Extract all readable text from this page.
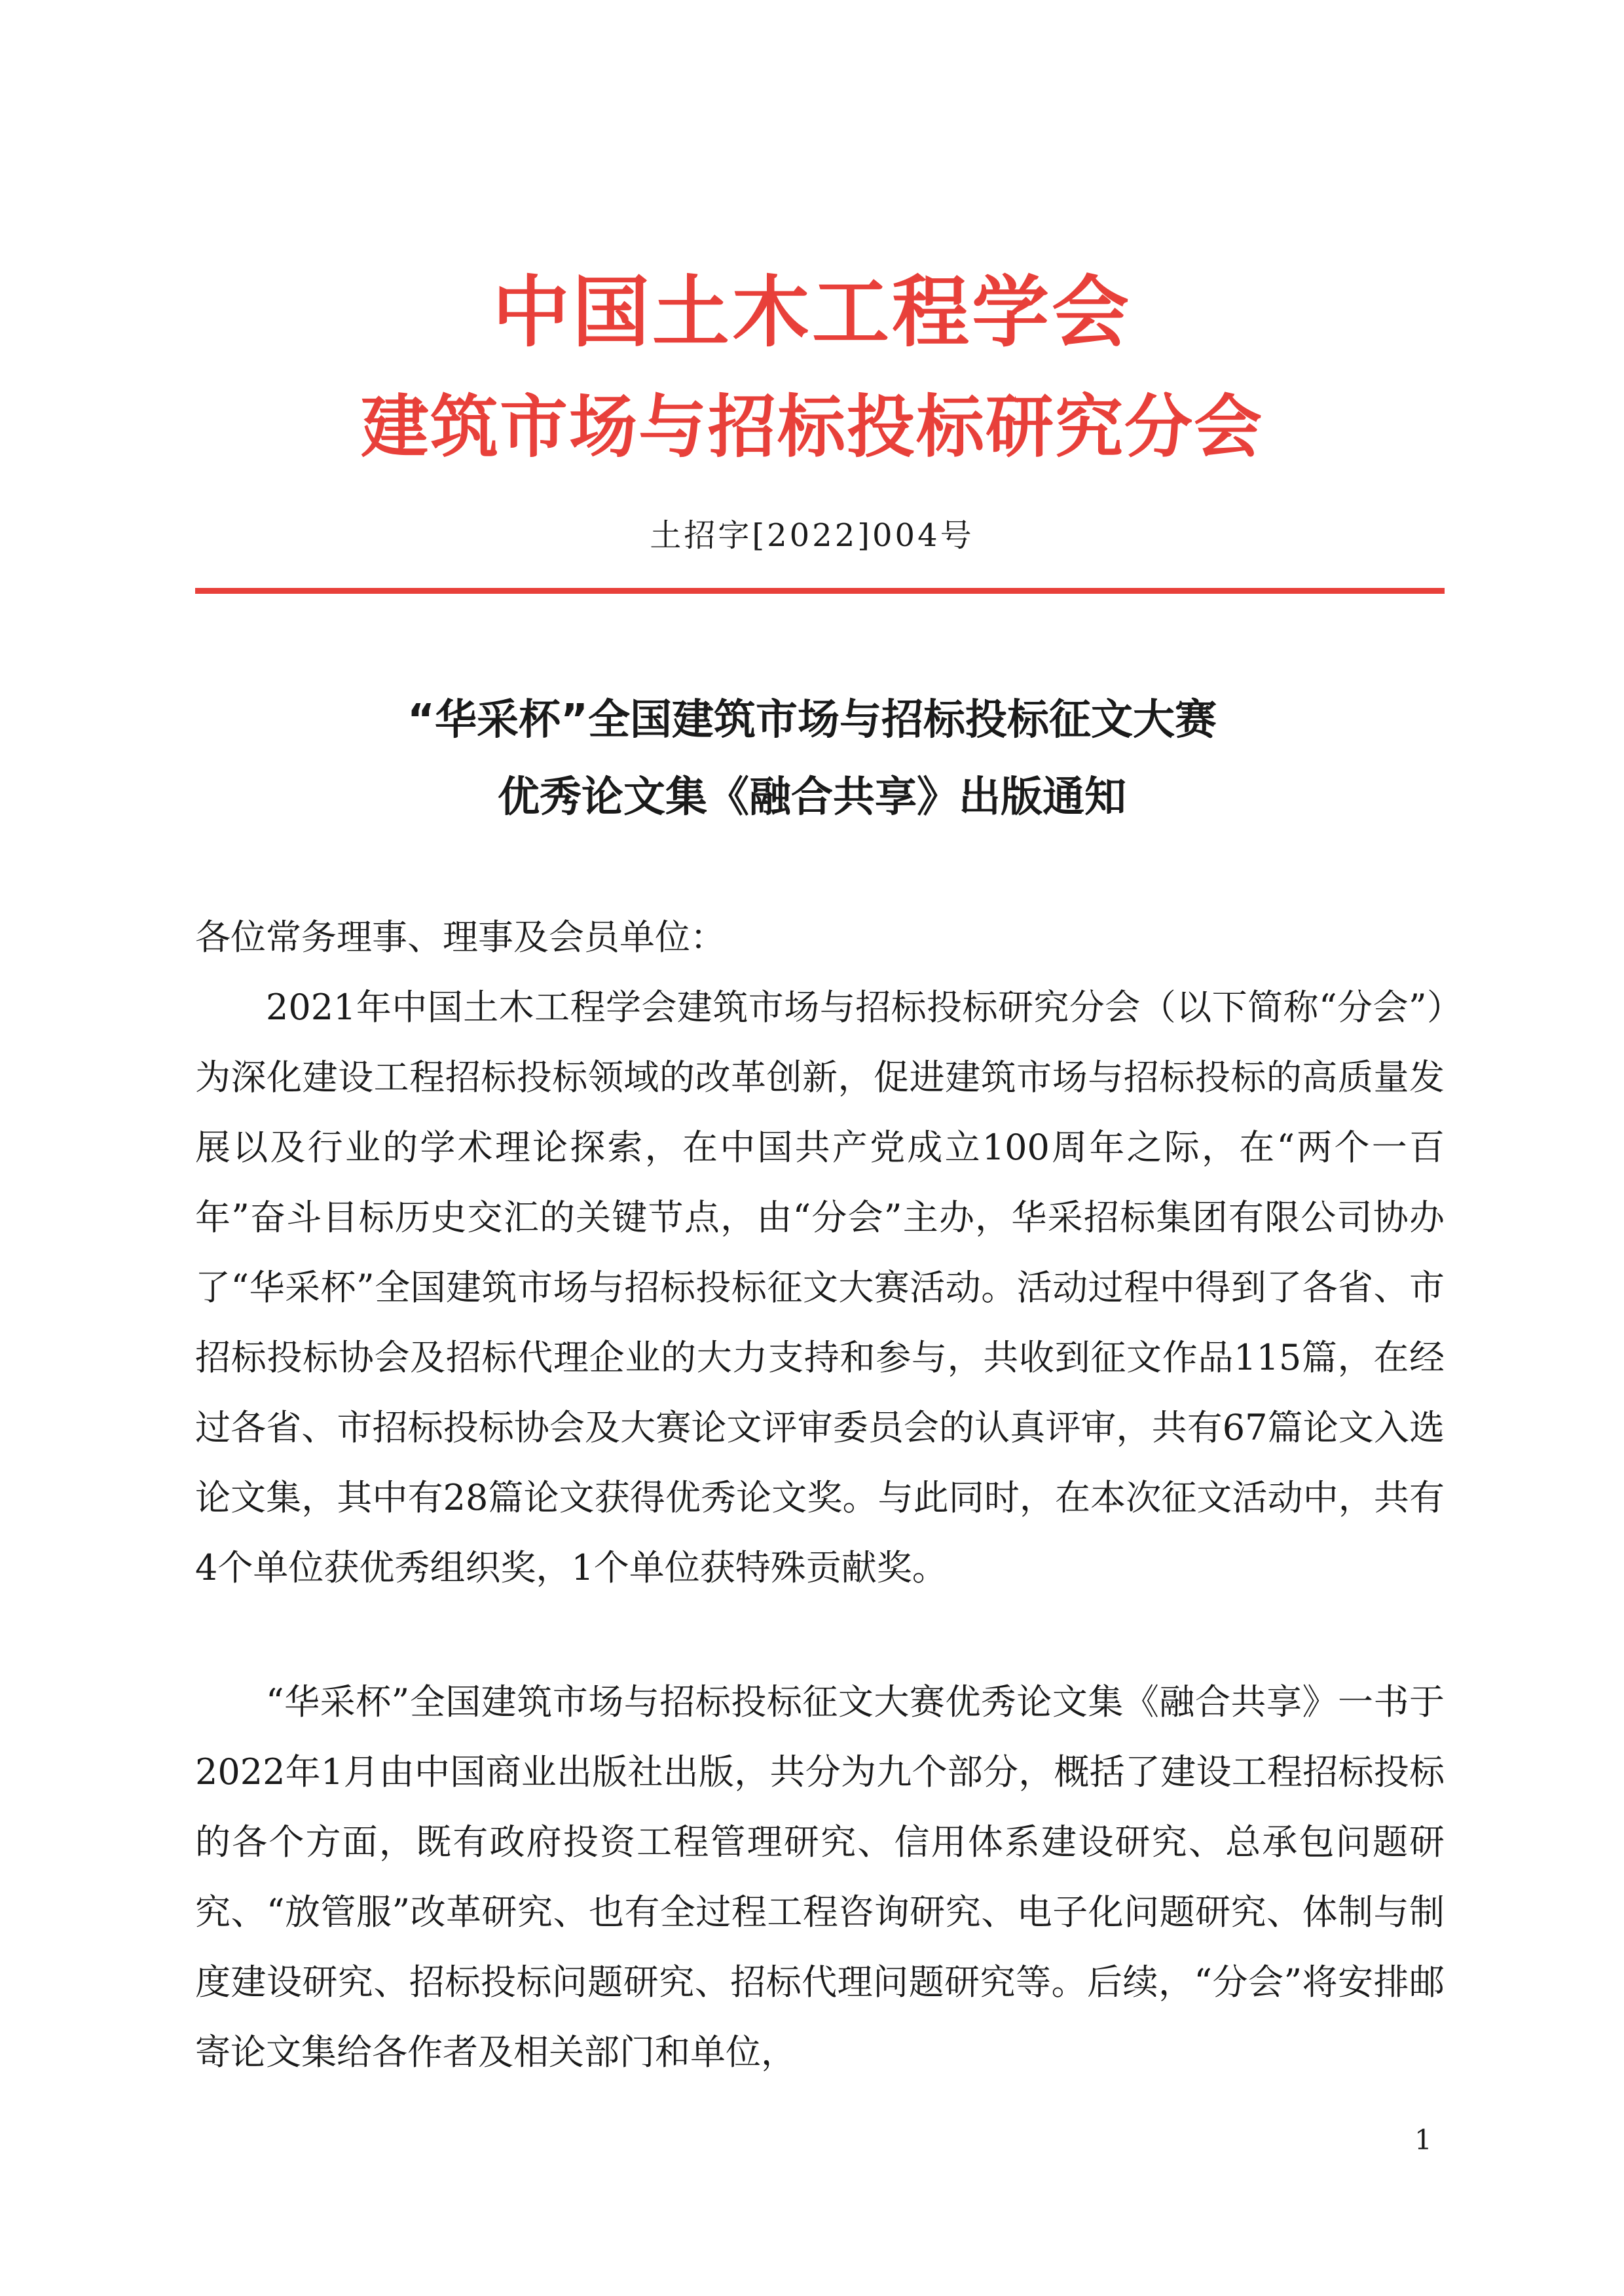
中国土木工程学会
建筑市场与招标投标研究分会
土招字[2022]004号
“华采杯”全国建筑市场与招标投标征文大赛
优秀论文集《融合共享》出版通知
各位常务理事、理事及会员单位：
2021年中国土木工程学会建筑市场与招标投标研究分会（以下简称“分会”）为深化建设工程招标投标领域的改革创新，促进建筑市场与招标投标的高质量发展以及行业的学术理论探索，在中国共产党成立100周年之际，在“两个一百年”奋斗目标历史交汇的关键节点，由“分会”主办，华采招标集团有限公司协办了“华采杯”全国建筑市场与招标投标征文大赛活动。活动过程中得到了各省、市招标投标协会及招标代理企业的大力支持和参与，共收到征文作品115篇，在经过各省、市招标投标协会及大赛论文评审委员会的认真评审，共有67篇论文入选论文集，其中有28篇论文获得优秀论文奖。与此同时，在本次征文活动中，共有4个单位获优秀组织奖，1个单位获特殊贡献奖。
“华采杯”全国建筑市场与招标投标征文大赛优秀论文集《融合共享》一书于2022年1月由中国商业出版社出版，共分为九个部分，概括了建设工程招标投标的各个方面，既有政府投资工程管理研究、信用体系建设研究、总承包问题研究、“放管服”改革研究、也有全过程工程咨询研究、电子化问题研究、体制与制度建设研究、招标投标问题研究、招标代理问题研究等。后续，“分会”将安排邮寄论文集给各作者及相关部门和单位，
1
